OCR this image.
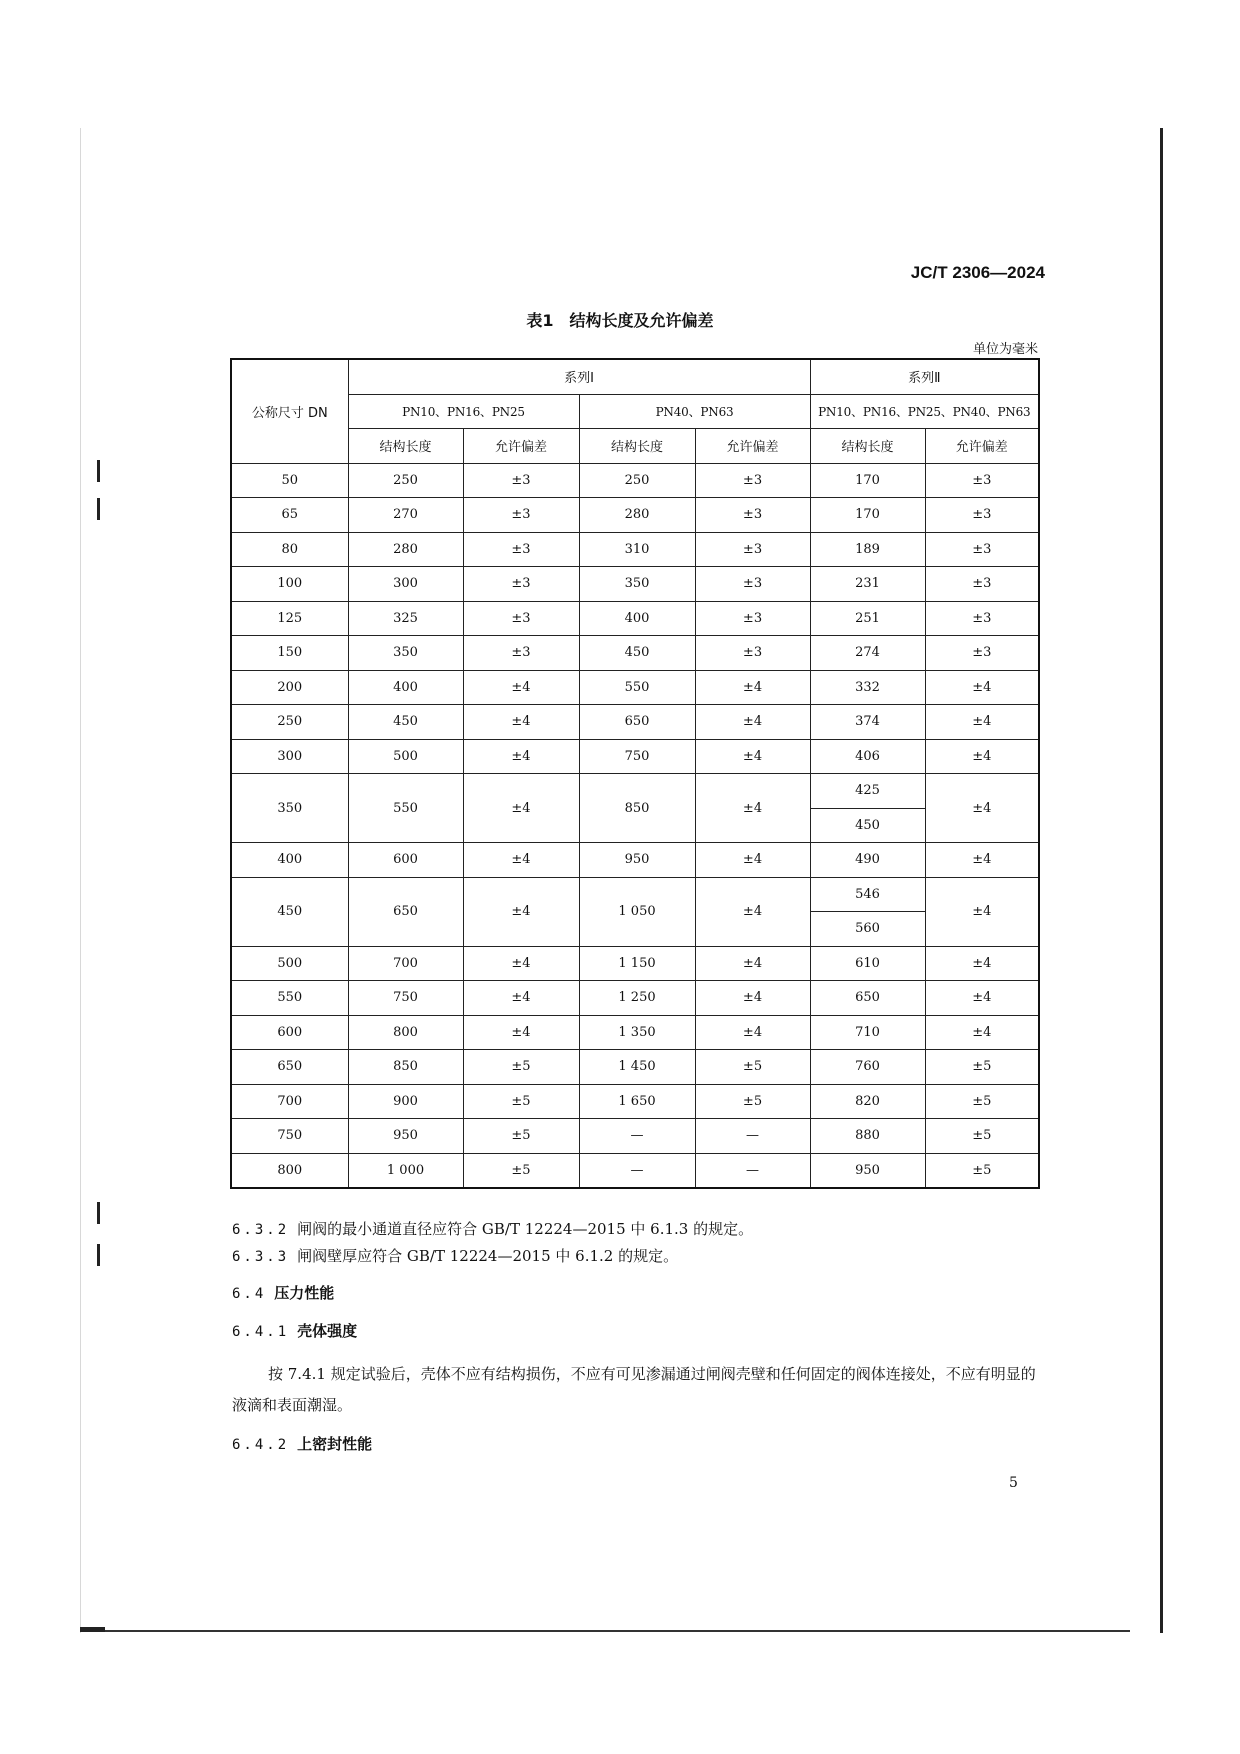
JC/T 2306—2024
表1　结构长度及允许偏差
单位为毫米
公称尺寸 DN	系列Ⅰ				系列Ⅱ	
	PN10、PN16、PN25		PN40、PN63		PN10、PN16、PN25、PN40、PN63	
	结构长度	允许偏差	结构长度	允许偏差	结构长度	允许偏差
50	250	±3	250	±3	170	±3
65	270	±3	280	±3	170	±3
80	280	±3	310	±3	189	±3
100	300	±3	350	±3	231	±3
125	325	±3	400	±3	251	±3
150	350	±3	450	±3	274	±3
200	400	±4	550	±4	332	±4
250	450	±4	650	±4	374	±4
300	500	±4	750	±4	406	±4
350	550	±4	850	±4	425	±4
					450	
400	600	±4	950	±4	490	±4
450	650	±4	1 050	±4	546	±4
					560	
500	700	±4	1 150	±4	610	±4
550	750	±4	1 250	±4	650	±4
600	800	±4	1 350	±4	710	±4
650	850	±5	1 450	±5	760	±5
700	900	±5	1 650	±5	820	±5
750	950	±5	—	—	880	±5
800	1 000	±5	—	—	950	±5
6.3.2 闸阀的最小通道直径应符合 GB/T 12224—2015 中 6.1.3 的规定。
6.3.3 闸阀壁厚应符合 GB/T 12224—2015 中 6.1.2 的规定。
6.4 压力性能
6.4.1 壳体强度
按 7.4.1 规定试验后，壳体不应有结构损伤，不应有可见渗漏通过闸阀壳壁和任何固定的阀体连接处，不应有明显的液滴和表面潮湿。
6.4.2 上密封性能
5
